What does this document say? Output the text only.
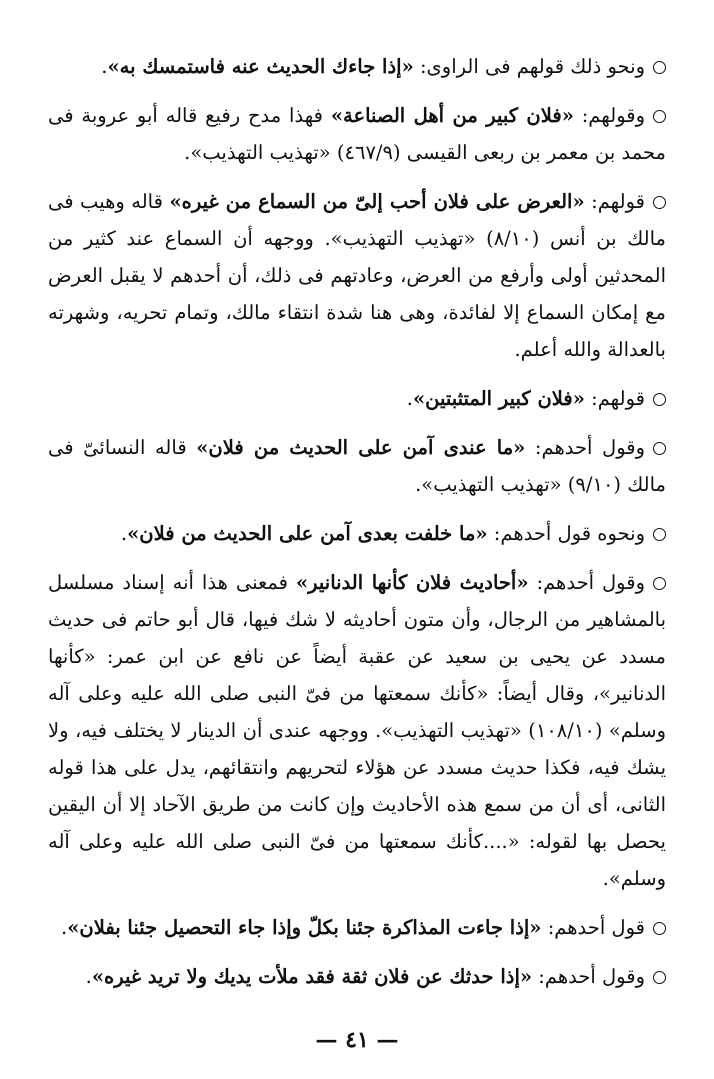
ونحو ذلك قولهم فى الراوى: «إذا جاءك الحديث عنه فاستمسك به».

وقولهم: «فلان كبير من أهل الصناعة» فهذا مدح رفيع قاله أبو عروبة فى محمد بن معمر بن ربعى القيسى (٤٦٧/٩) «تهذيب التهذيب».

قولهم: «العرض على فلان أحب إلىّ من السماع من غيره» قاله وهيب فى مالك بن أنس (٨/١٠) «تهذيب التهذيب». ووجهه أن السماع عند كثير من المحدثين أولى وأرفع من العرض، وعادتهم فى ذلك، أن أحدهم لا يقبل العرض مع إمكان السماع إلا لفائدة، وهى هنا شدة انتقاء مالك، وتمام تحريه، وشهرته بالعدالة والله أعلم.

قولهم: «فلان كبير المتثبتين».

وقول أحدهم: «ما عندى آمن على الحديث من فلان» قاله النسائىّ فى مالك (٩/١٠) «تهذيب التهذيب».

ونحوه قول أحدهم: «ما خلفت بعدى آمن على الحديث من فلان».

وقول أحدهم: «أحاديث فلان كأنها الدنانير» فمعنى هذا أنه إسناد مسلسل بالمشاهير من الرجال، وأن متون أحاديثه لا شك فيها، قال أبو حاتم فى حديث مسدد عن يحيى بن سعيد عن عقبة أيضاً عن نافع عن ابن عمر: «كأنها الدنانير»، وقال أيضاً: «كأنك سمعتها من فىّ النبى صلى الله عليه وعلى آله وسلم» (١٠٨/١٠) «تهذيب التهذيب». ووجهه عندى أن الدينار لا يختلف فيه، ولا يشك فيه، فكذا حديث مسدد عن هؤلاء لتحريهم وانتقائهم، يدل على هذا قوله الثانى، أى أن من سمع هذه الأحاديث وإن كانت من طريق الآحاد إلا أن اليقين يحصل بها لقوله: «....كأنك سمعتها من فىّ النبى صلى الله عليه وعلى آله وسلم».

قول أحدهم: «إذا جاءت المذاكرة جئنا بكلّ وإذا جاء التحصيل جئنا بفلان».

وقول أحدهم: «إذا حدثك عن فلان ثقة فقد ملأت يديك ولا تريد غيره».

— ٤١ —
